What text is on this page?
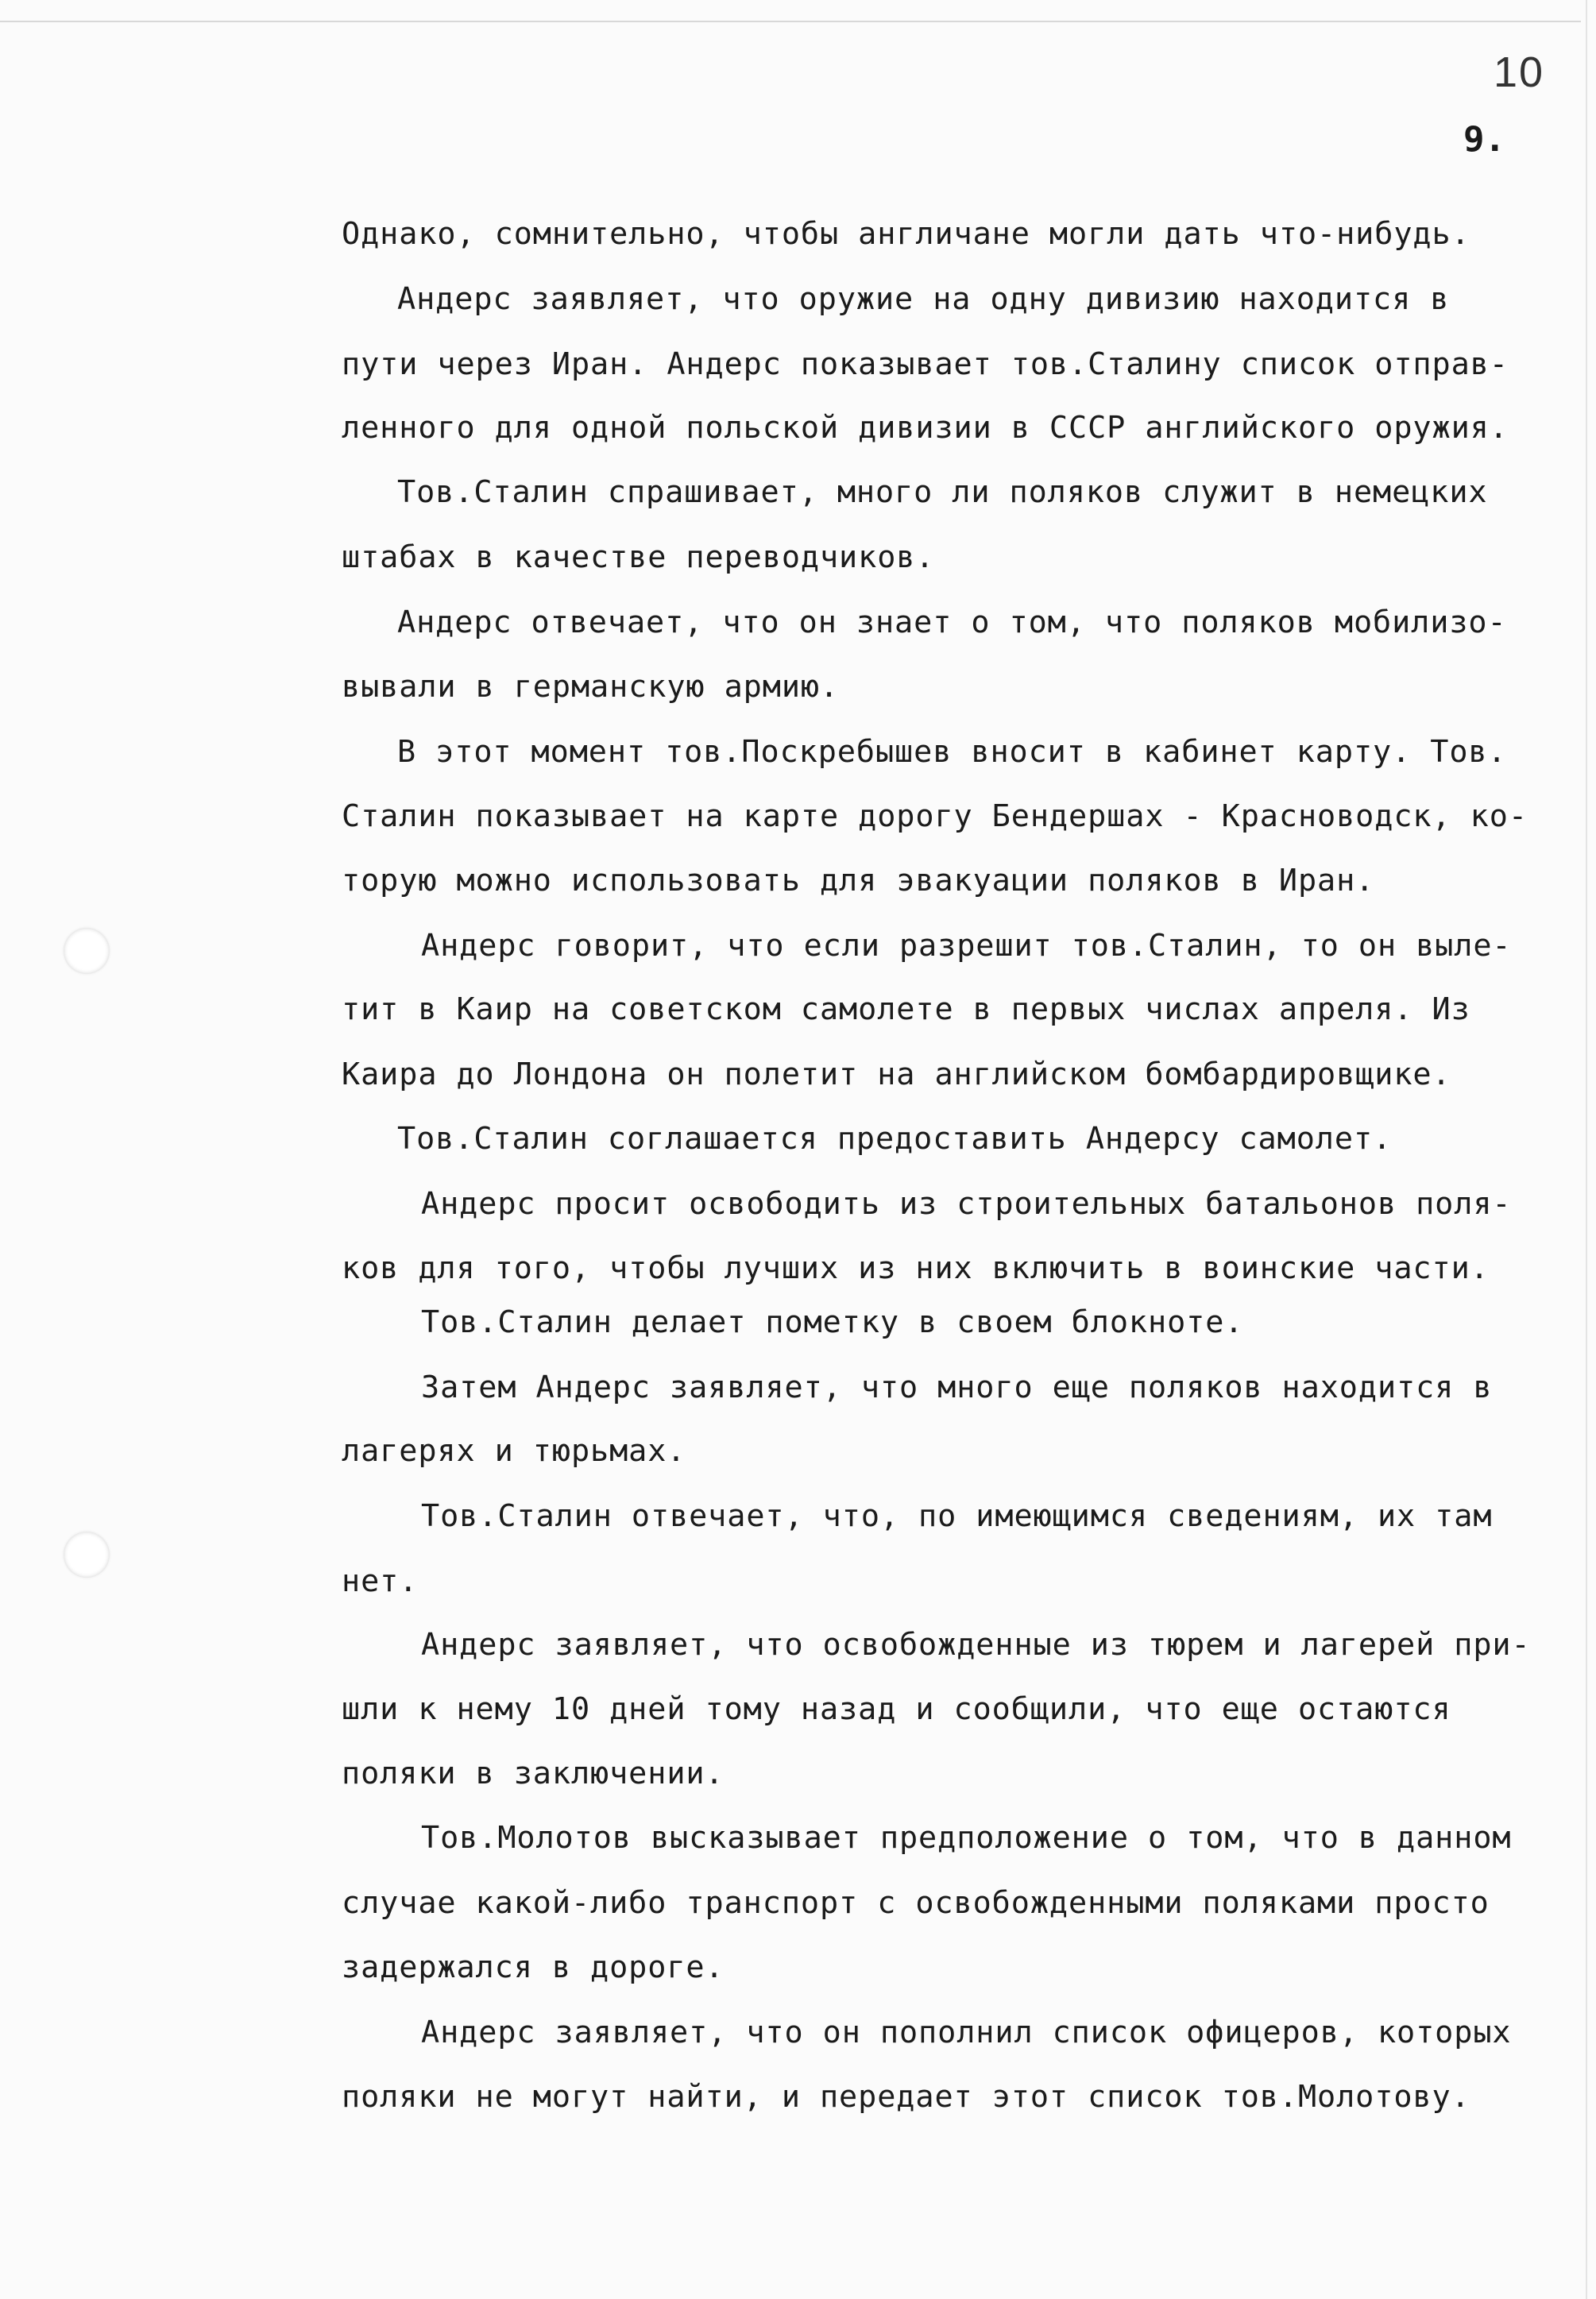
10
9.
Однако, сомнительно, чтобы англичане могли дать что-нибудь.
Андерс заявляет, что оружие на одну дивизию находится в
пути через Иран. Андерс показывает тов.Сталину список отправ-
ленного для одной польской дивизии в СССР английского оружия.
Тов.Сталин спрашивает, много ли поляков служит в немецких
штабах в качестве переводчиков.
Андерс отвечает, что он знает о том, что поляков мобилизо-
вывали в германскую армию.
В этот момент тов.Поскребышев вносит в кабинет карту. Тов.
Сталин показывает на карте дорогу Бендершах - Красноводск, ко-
торую можно использовать для эвакуации поляков в Иран.
Андерс говорит, что если разрешит тов.Сталин, то он выле-
тит в Каир на советском самолете в первых числах апреля. Из
Каира до Лондона он полетит на английском бомбардировщике.
Тов.Сталин соглашается предоставить Андерсу самолет.
Андерс просит освободить из строительных батальонов поля-
ков для того, чтобы лучших из них включить в воинские части.
Тов.Сталин делает пометку в своем блокноте.
Затем Андерс заявляет, что много еще поляков находится в
лагерях и тюрьмах.
Тов.Сталин отвечает, что, по имеющимся сведениям, их там
нет.
Андерс заявляет, что освобожденные из тюрем и лагерей при-
шли к нему 10 дней тому назад и сообщили, что еще остаются
поляки в заключении.
Тов.Молотов высказывает предположение о том, что в данном
случае какой-либо транспорт с освобожденными поляками просто
задержался в дороге.
Андерс заявляет, что он пополнил список офицеров, которых
поляки не могут найти, и передает этот список тов.Молотову.
